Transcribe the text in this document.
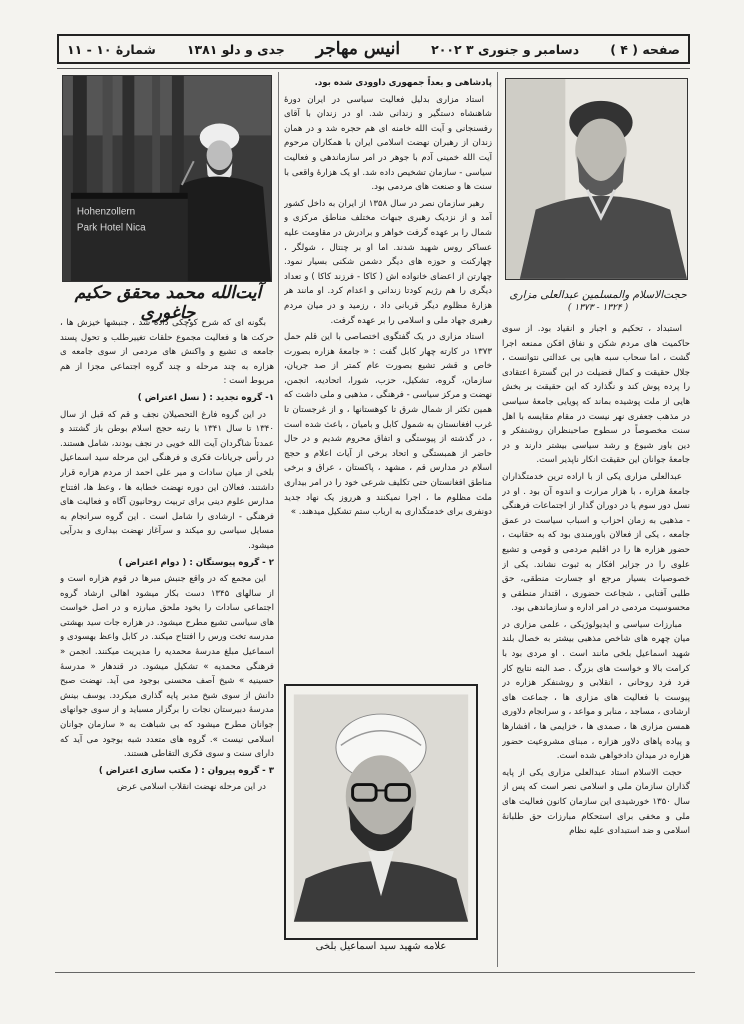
شمارهٔ ۱۰ - ۱۱ جدی و دلو ۱۳۸۱ انیس مهاجر دسامبر و جنوری ۳ ۲۰۰۲ صفحه ( ۴ )
Hohenzollern
Park Hotel Nica
آیت‌الله محمد محقق حکیم جاغوری
حجت‌الاسلام والمسلمین عبدالعلی مزاری
( ۱۳۲۴ - ۱۳۷۳ )
علامه شهید سید اسماعیل بلخی

پادشاهی و بعداً جمهوری داوودی شده بود.

استاد مزاری بدلیل فعالیت سیاسی در ایران دورهٔ شاهنشاه دستگیر و زندانی شد. او در زندان با آقای رفسنجانی و آیت الله خامنه ای هم حجره شد و در همان زندان از رهبران نهضت اسلامی ایران با همکاران مرحوم آیت الله خمینی آدم با جوهر در امر سازماندهی و فعالیت سیاسی - سازمان تشخیص داده شد. او یک هزارهٔ واقعی با سنت ها و صنعت های مردمی بود.

رهبر سازمان نصر در سال ۱۳۵۸ از ایران به داخل کشور آمد و از نزدیک رهبری جبهات مختلف مناطق مرکزی و شمال را بر عهده گرفت خواهر و برادرش در مقاومت علیه عساکر روس شهید شدند. اما او بر چنتال ، شولگر ، چهارکنت و حوزه های دیگر دشمن شکنی بسیار نمود. چهارتن از اعضای خانواده اش ( کاکا - فرزند کاکا ) و تعداد دیگری را هم رژیم کودتا زندانی و اعدام کرد. او مانند هر هزارهٔ مظلوم دیگر قربانی داد ، رزمید و در میان مردم رهبری جهاد ملی و اسلامی را بر عهده گرفت.

استاد مزاری در یک گفتگوی اختصاصی با این قلم حمل ۱۳۷۳ در کارته چهار کابل گفت : « جامعهٔ هزاره بصورت خاص و قشر تشیع بصورت عام کمتر از صد جریان، سازمان، گروه، تشکیل، حزب، شورا، اتحادیه، انجمن، نهضت و مرکز سیاسی - فرهنگی ، مذهبی و ملی داشت که همین تکثر از شمال شرق تا کوهستانها ، و از غرجستان تا غرب افغانستان به شمول کابل و بامیان ، باعث شده است ، در گذشته از پیوستگی و اتفاق محروم شدیم و در حال حاضر از همبستگی و اتحاد برخی از آیات اعلام و حجج اسلام در مدارس قم ، مشهد ، پاکستان ، عراق و برخی مناطق افغانستان حتی تکلیف شرعی خود را در امر بیداری ملت مظلوم ما ، اجرا نمیکنند و هرروز یک نهاد جدید دونفری برای خدمتگذاری به ارباب ستم تشکیل میدهند. »

بگونه ای که شرح کوچکی داده شد ، جنبشها خیزش ها ، حرکت ها و فعالیت مجموع حلقات تغییرطلب و تحول پسند جامعه ی تشیع و واکنش های مردمی از سوی جامعه ی هزاره به چند مرحله و چند گروه اجتماعی مجزا از هم مربوط است :

۱- گروه تجدید : ( نسل اعتراض )

در این گروه فارغ التحصیلان نجف و قم که قبل از سال ۱۳۴۰ تا سال ۱۳۴۱ با رتبه حجج اسلام بوطن باز گشتند و عمدتاً شاگردان آیت الله خویی در نجف بودند، شامل هستند. در رأس جریانات فکری و فرهنگی این مرحله سید اسماعیل بلخی از میان سادات و میر علی احمد از مردم هزاره قرار داشتند. فعالان این دوره نهضت خطابه ها ، وعظ ها، افتتاح مدارس علوم دینی برای تربیت روحانیون آگاه و فعالیت های فرهنگی - ارشادی را شامل است . این گروه سرانجام به مسایل سیاسی رو میکند و سرآغاز نهضت بیداری و بدرآیی میشود.

۲ - گروه پیوستگان : ( دوام اعتراض )

این مجمع که در واقع جنبش مبرها در قوم هزاره است و از سالهای ۱۳۴۵ دست بکار میشود اهالی ارشاد گروه اجتماعی سادات را بخود ملحق مبارزه و در اصل خواست های سیاسی تشیع مطرح میشود. در هزاره جات سید بهشتی مدرسه تخت ورس را افتتاح میکند. در کابل واعظ بهسودی و اسماعیل مبلغ مدرسهٔ محمدیه را مدیریت میکنند. انجمن « فرهنگی محمدیه » تشکیل میشود. در قندهار « مدرسهٔ حسینیه » شیخ آصف محسنی بوجود می آید. نهضت صبح دانش از سوی شیخ مدبر پایه گذاری میکردد. یوسف بینش مدرسهٔ دبیرستان نجات را برگزار مسباید و از سوی جوانهای جوانان مطرح میشود که بی شباهت به « سازمان جوانان اسلامی نیست ». گروه های متعدد شبه بوجود می آید که دارای سنت و سوی فکری التقاطی هستند.

۳ - گروه پیروان : ( مکتب سازی اعتراض )

در این مرحله نهضت انقلاب اسلامی عرض

استبداد ، تحکیم و اجبار و انقیاد بود. از سوی حاکمیت های مردم شکن و نفاق افکن ممنعه اجرا گشت ، اما سحاب سبه هایی بی عدالتی نتوانست ، جلال حقیقت و کمال فضیلت در این گسترهٔ اعتقادی را پرده پوش کند و نگذارد که این حقیقت بر بخش هایی از ملت پوشیده بماند که پویایی جامعهٔ سیاسی در مذهب جعفری نهر نیست در مقام مقایسه با اهل سنت مخصوصاً در سطوح صاحبنظران روشنفکر و دین باور شیوع و رشد سیاسی بیشتر دارند و در جامعهٔ جوانان این حقیقت انکار ناپذیر است.

عبدالعلی مزاری یکی از با اراده ترین خدمتگذاران جامعهٔ هزاره ، با هزار مرارت و اندوه آن بود . او در نسل دور سوم یا در دوران گذار از اجتماعات فرهنگی - مذهبی به زمان احزاب و اسباب سیاست در عمق جامعه ، یکی از فعالان باورمندی بود که به حقانیت ، حضور هزاره ها را در اقلیم مردمی و قومی و تشیع علوی را در جزایر افکار به ثبوت نشاند. یکی از خصوصیات بسیار مرجع او جسارت منطقی، حق طلبی آفتابی ، شجاعت حضوری ، اقتدار منطقی و محسوسیت مردمی در امر اداره و سازماندهی بود.

مبارزات سیاسی و ایدیولوژیکی ، علمی مزاری در میان چهره های شاخص مذهبی بیشتر به خصال بلند شهید اسماعیل بلخی مانند است . او مردی بود با کرامت بالا و خواست های بزرگ . صد البته نتایج کار فرد فرد روحانی ، انقلابی و روشنفکر هزاره در پیوست با فعالیت های مزاری ها ، جماعت های ارشادی ، مساجد ، منابر و مواعد ، و سرانجام دلاوری همسن مزاری ها ، صمدی ها ، خزایمی ها ، افشارها و پیاده پاهای دلاور هزاره ، مبنای مشروعیت حضور هزاره در میدان دادخواهی شده است.

حجت الاسلام استاد عبدالعلی مزاری یکی از پایه گذاران سازمان ملی و اسلامی نصر است که پس از سال ۱۳۵۰ خورشیدی این سازمان کانون فعالیت های ملی و مخفی برای استحکام مبارزات حق طلبانهٔ اسلامی و ضد استبدادی علیه نظام
